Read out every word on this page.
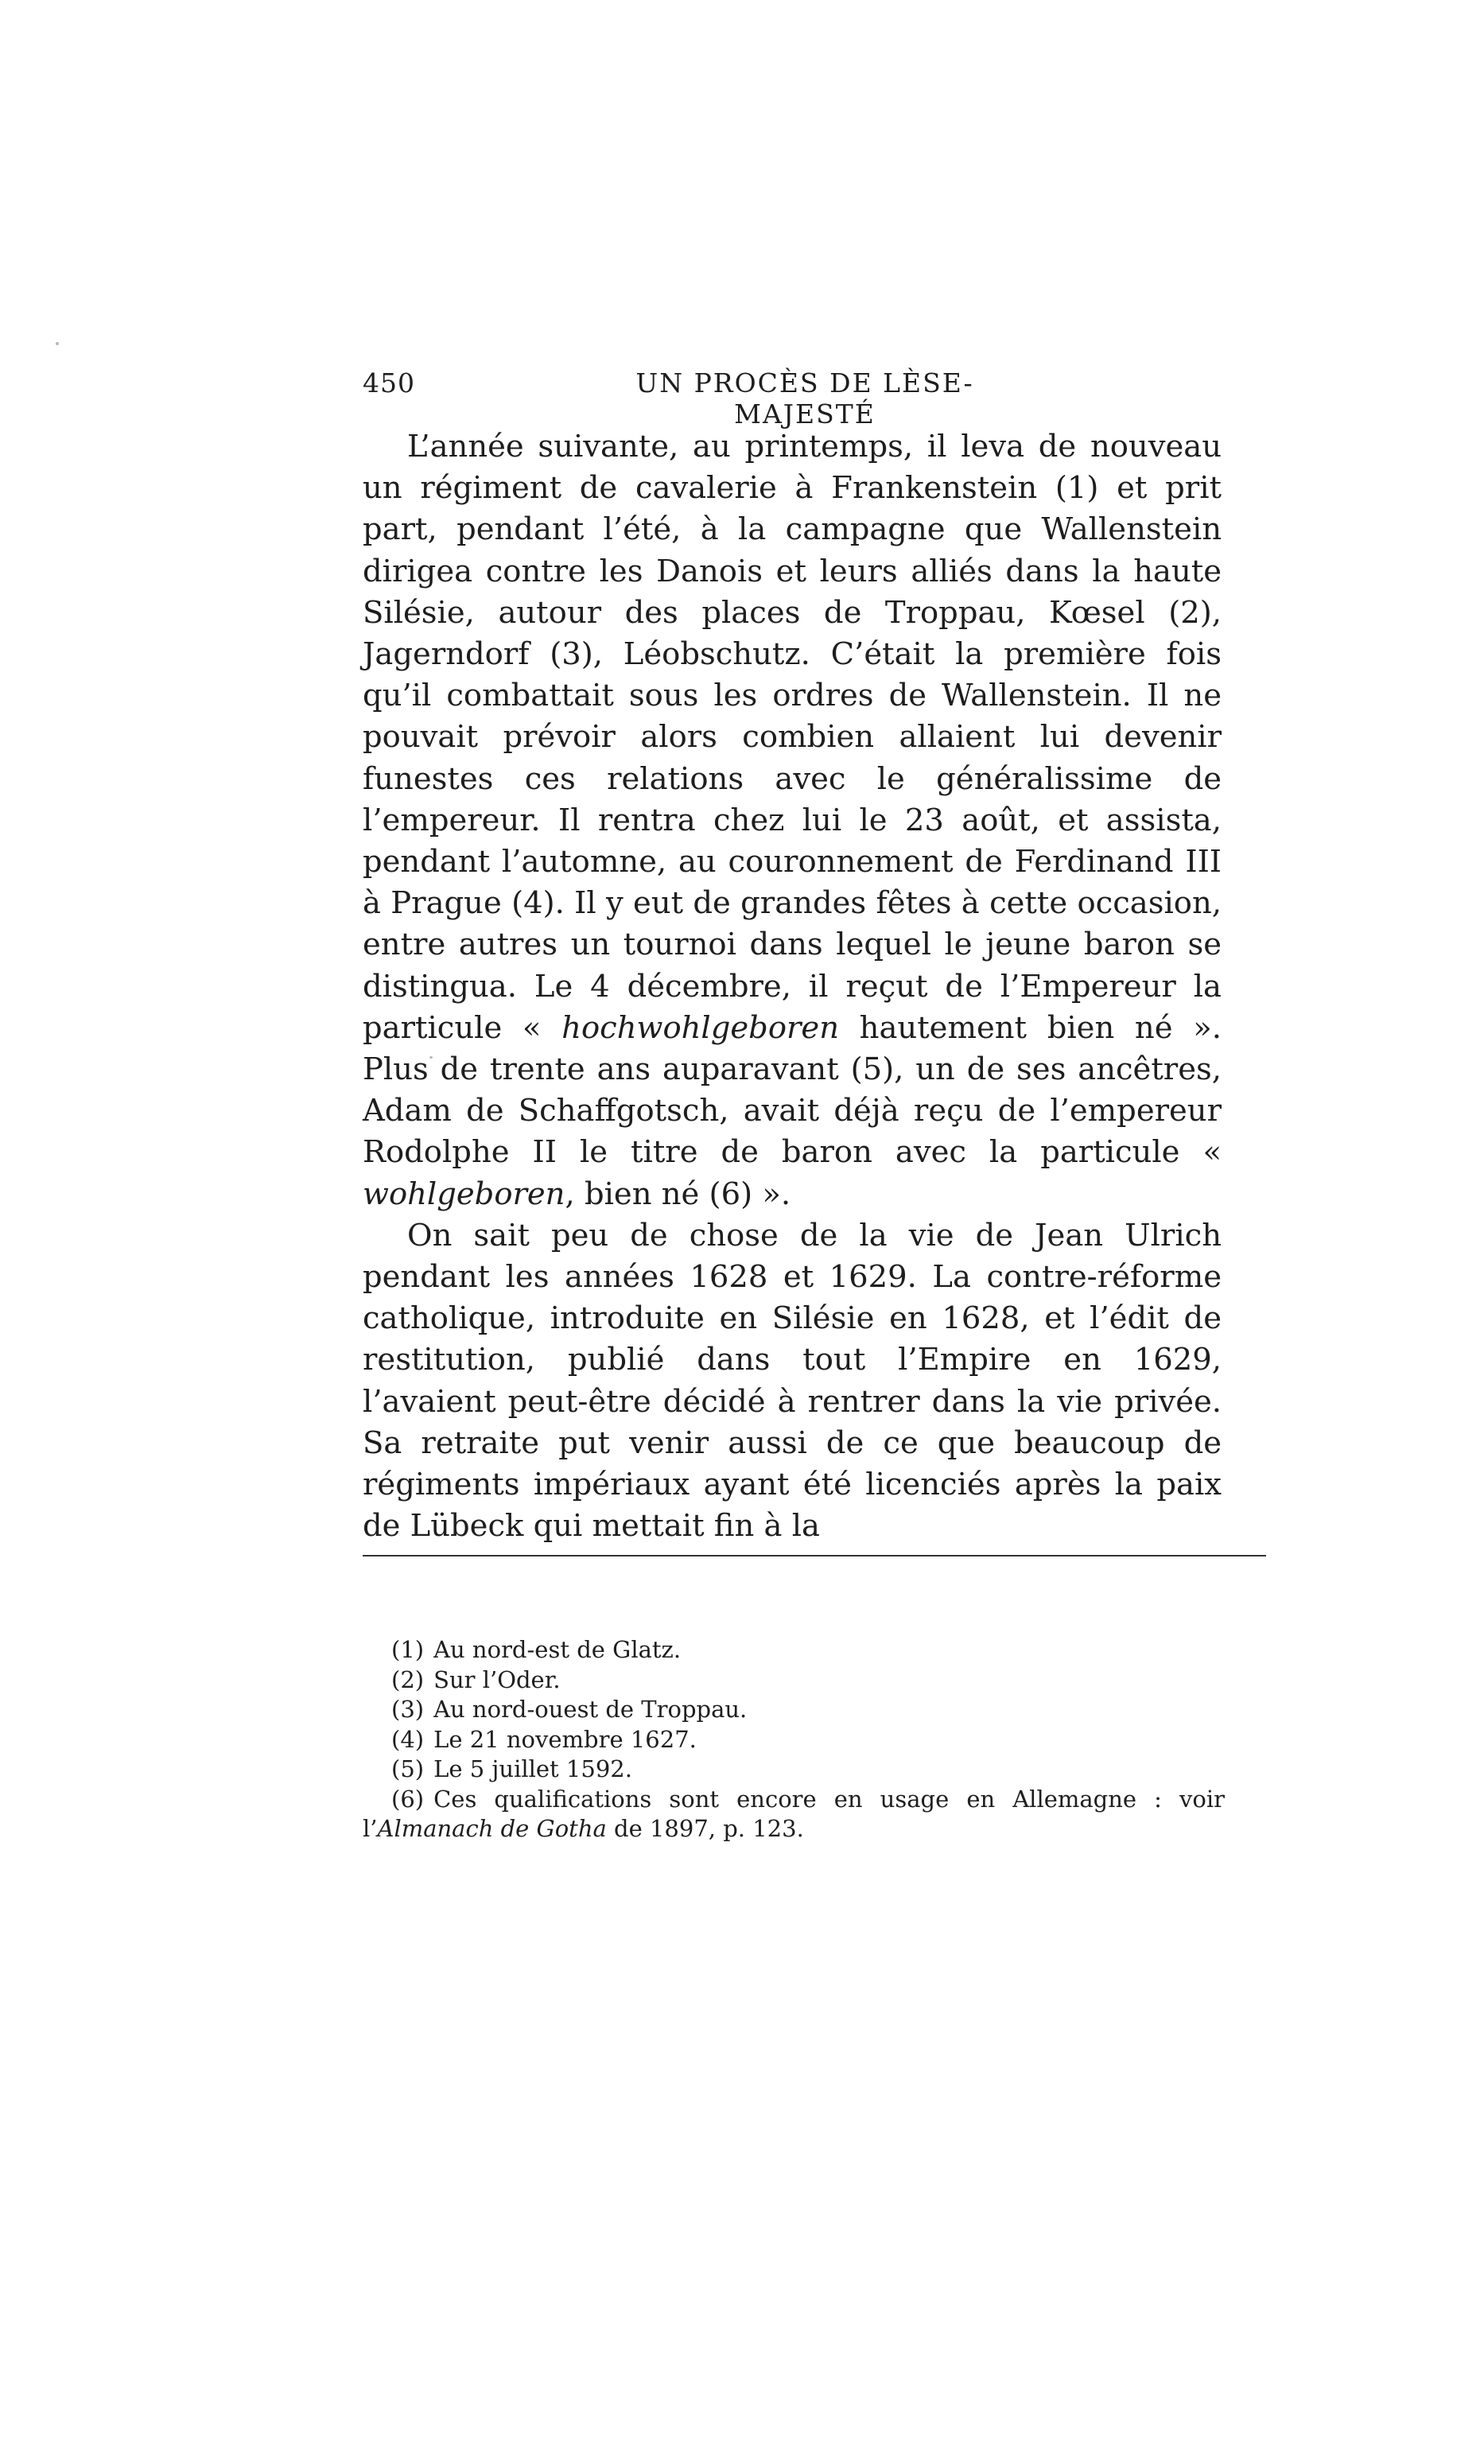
450	UN PROCÈS DE LÈSE-MAJESTÉ

L’année suivante, au printemps, il leva de nouveau un régiment de cavalerie à Frankenstein (1) et prit part, pendant l’été, à la campagne que Wallenstein dirigea contre les Danois et leurs alliés dans la haute Silésie, autour des places de Troppau, Kœsel (2), Jagerndorf (3), Léobschutz. C’était la première fois qu’il combattait sous les ordres de Wallenstein. Il ne pouvait prévoir alors combien allaient lui devenir funestes ces relations avec le généralissime de l’empereur. Il rentra chez lui le 23 août, et assista, pendant l’automne, au couronnement de Ferdinand III à Prague (4). Il y eut de grandes fêtes à cette occasion, entre autres un tournoi dans lequel le jeune baron se distingua. Le 4 décembre, il reçut de l’Empereur la particule « hochwohlgeboren hautement bien né ». Plus de trente ans auparavant (5), un de ses ancêtres, Adam de Schaffgotsch, avait déjà reçu de l’empereur Rodolphe II le titre de baron avec la particule « wohlgeboren, bien né (6) ».

On sait peu de chose de la vie de Jean Ulrich pendant les années 1628 et 1629. La contre-réforme catholique, introduite en Silésie en 1628, et l’édit de restitution, publié dans tout l’Empire en 1629, l’avaient peut-être décidé à rentrer dans la vie privée. Sa retraite put venir aussi de ce que beaucoup de régiments impériaux ayant été licenciés après la paix de Lübeck qui mettait fin à la

(1) Au nord-est de Glatz.

(2) Sur l’Oder.

(3) Au nord-ouest de Troppau.

(4) Le 21 novembre 1627.

(5) Le 5 juillet 1592.

(6) Ces qualifications sont encore en usage en Allemagne : voir l’Almanach de Gotha de 1897, p. 123.
